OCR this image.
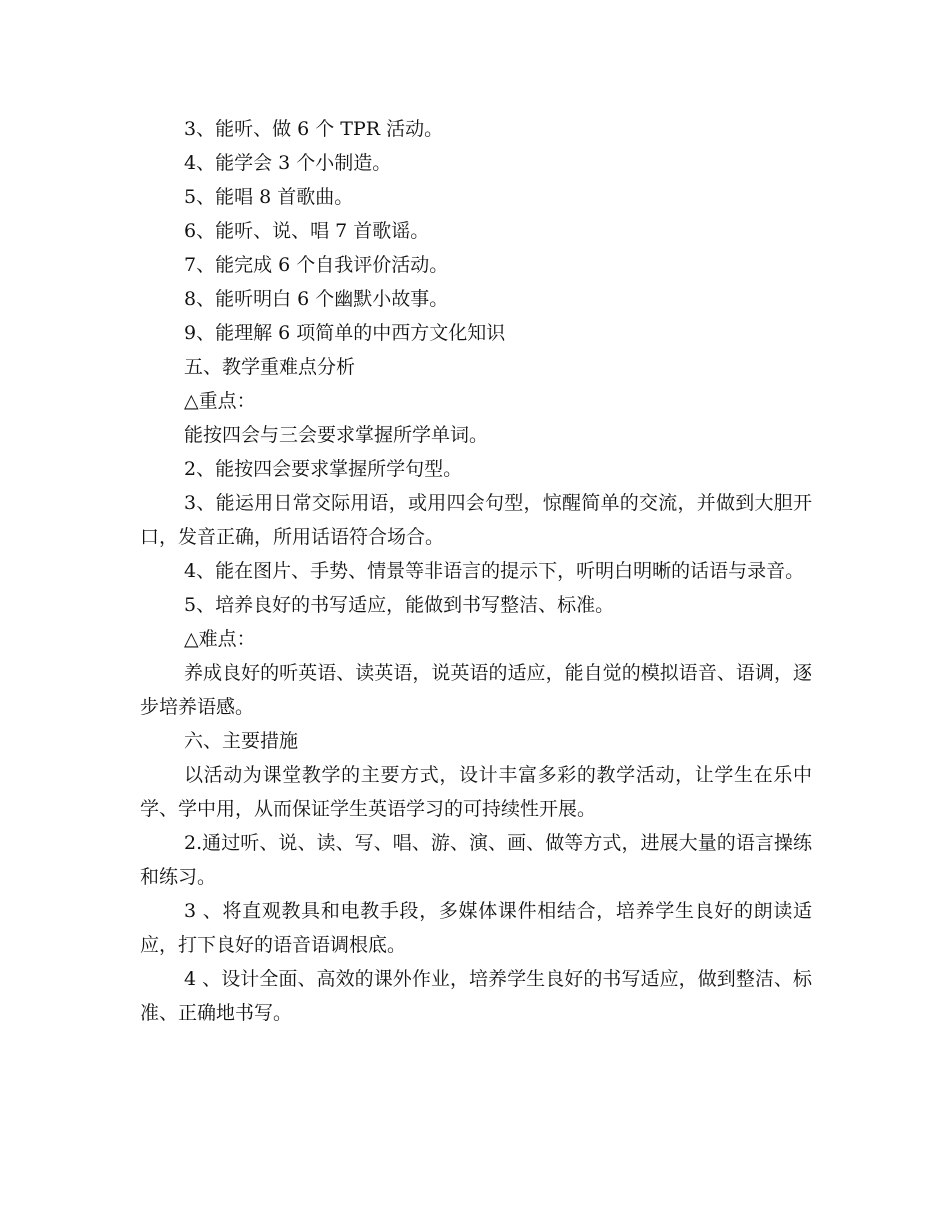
3、能听、做 6 个 TPR 活动。

4、能学会 3 个小制造。

5、能唱 8 首歌曲。

6、能听、说、唱 7 首歌谣。

7、能完成 6 个自我评价活动。

8、能听明白 6 个幽默小故事。

9、能理解 6 项简单的中西方文化知识

五、教学重难点分析

△重点：

能按四会与三会要求掌握所学单词。

2、能按四会要求掌握所学句型。

3、能运用日常交际用语，或用四会句型，惊醒简单的交流，并做到大胆开口，发音正确，所用话语符合场合。

4、能在图片、手势、情景等非语言的提示下，听明白明晰的话语与录音。

5、培养良好的书写适应，能做到书写整洁、标准。

△难点：

养成良好的听英语、读英语，说英语的适应，能自觉的模拟语音、语调，逐步培养语感。

六、主要措施

以活动为课堂教学的主要方式，设计丰富多彩的教学活动，让学生在乐中学、学中用，从而保证学生英语学习的可持续性开展。

2.通过听、说、读、写、唱、游、演、画、做等方式，进展大量的语言操练和练习。

3 、将直观教具和电教手段，多媒体课件相结合，培养学生良好的朗读适应，打下良好的语音语调根底。

4 、设计全面、高效的课外作业，培养学生良好的书写适应，做到整洁、标准、正确地书写。
